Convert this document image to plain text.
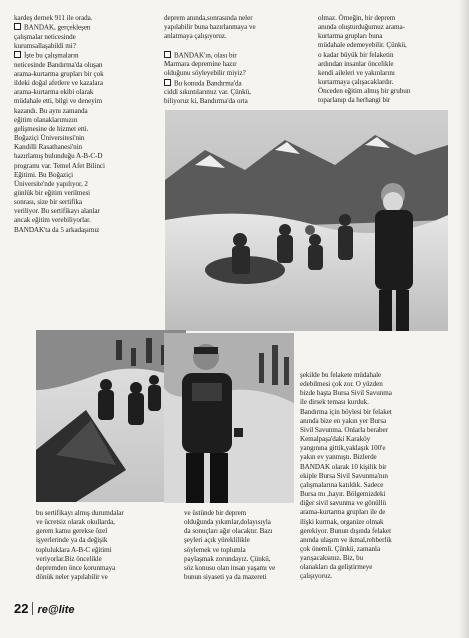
kardeş dernek 911 ile orada.

BANDAK, gerçekleşen

çalışmalar neticesinde

kurumsallaşabildi mi?

İşte bu çalışmaların

neticesinde Bandırma'da oluşan

arama-kurtarma grupları bir çok

ildeki doğal afetlere ve kazalara

arama-kurtarma ekibi olarak

müdahale etti, bilgi ve deneyim

kazandı. Bu aynı zamanda

eğitim olanaklarımızın

gelişmesine de hizmet etti.

Boğaziçi Üniversitesi'nin

Kandilli Rasathanesi'nin

hazırlamış bulunduğu A-B-C-D

programı var. Temel Afet Bilinci

Eğitimi. Bu Boğaziçi

Üniversite'nde yapılıyor, 2

günlük bir eğitim verilmesi

sonrası, size bir sertifika

veriliyor. Bu sertifikayı alanlar

ancak eğitim verebiliyorlar.

BANDAK'ta da 5 arkadaşımız

deprem anında,sonrasında neler

yapılabilir buna hazırlanmaya ve

anlatmaya çalışıyoruz.

BANDAK'ın, olası bir

Marmara depremine hazır

olduğunu söyleyebilir miyiz?

Bu konuda Bandırma'da

ciddi sıkıntılarımız var. Çünkü,

biliyoruz ki, Bandırma'da orta

olmaz. Örneğin, bir deprem

anında oluşturduğumuz arama-

kurtarma grupları buna

müdahale edemeyebilir. Çünkü,

o kadar büyük bir felaketin

ardından insanlar öncelikle

kendi aileleri ve yakınlarını

kurtarmaya çalışacaklardır.

Önceden eğitim almış bir grubun

toparlanıp da herhangi bir

şekilde bu felakete müdahale

edebilmesi çok zor. O yüzden

bizde başta Bursa Sivil Savunma

ile dirsek teması kurduk.

Bandırma için böylesi bir felaket

anında bize en yakın yer Bursa

Sivil Savunma. Onlarla beraber

Kemalpaşa'daki Karaköy

yangınına gittik,yaklaşık 100'e

yakın ev yanmıştı. Bizlerde

BANDAK olarak 10 kişilik bir

ekiple Bursa Sivil Savunma'nın

çalışmalarına katıldık. Sadece

Bursa mı ,hayır. Bölgemizdeki

diğer sivil savunma ve gönüllü

arama-kurtarma grupları ile de

ilişki kurmak, organize olmak

gerekiyor. Bunun dışında felaket

anında ulaşım ve ikmal,rehberlik

çok önemli. Çünkü, zamanla

yarışacaksınız. Biz, bu

olanakları da geliştirmeye

çalışıyoruz.

bu sertifikayı almış durumdalar

ve ücretsiz olarak okullarda,

gerem kamu gerekse özel

işyerlerinde ya da değişik

topluluklara A-B-C eğitimi

veriyorlar.Biz öncelikle

depremden önce korunmaya

dönük neler yapılabilir ve

ve üstünde bir deprem

olduğunda yıkımlar,dolayısıyla

da sonuçları ağır olacaktır. Bazı

şeyleri açık yüreklilikle

söylemek ve toplumla

paylaşmak zorundayız. Çünkü,

söz konusu olan insan yaşamı ve

bunun siyaseti ya da mazereti

22 re@lite
